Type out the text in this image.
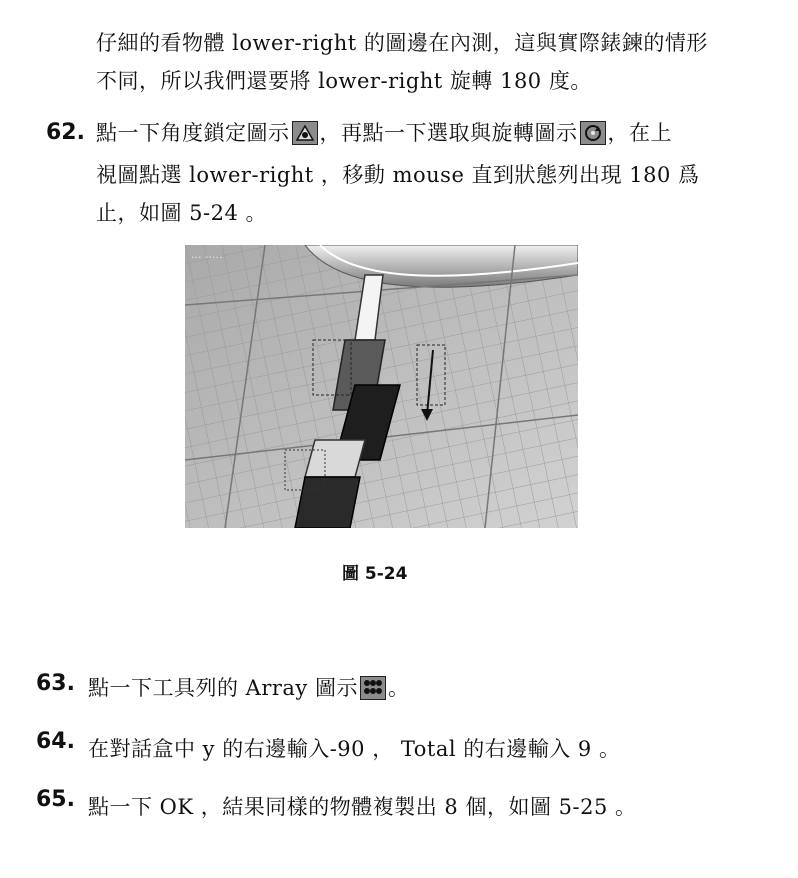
仔細的看物體 lower-right 的圖邊在內測，這與實際錶鍊的情形
不同，所以我們還要將 lower-right 旋轉 180 度。
62. 點一下角度鎖定圖示 ，再點一下選取與旋轉圖示 ，在上
視圖點選 lower-right ，移動 mouse 直到狀態列出現 180 爲
止，如圖 5-24 。
··· ·····
圖 5-24
63. 點一下工具列的 Array 圖示 。
64. 在對話盒中 y 的右邊輸入-90 ， Total 的右邊輸入 9 。
65. 點一下 OK ，結果同樣的物體複製出 8 個，如圖 5-25 。
